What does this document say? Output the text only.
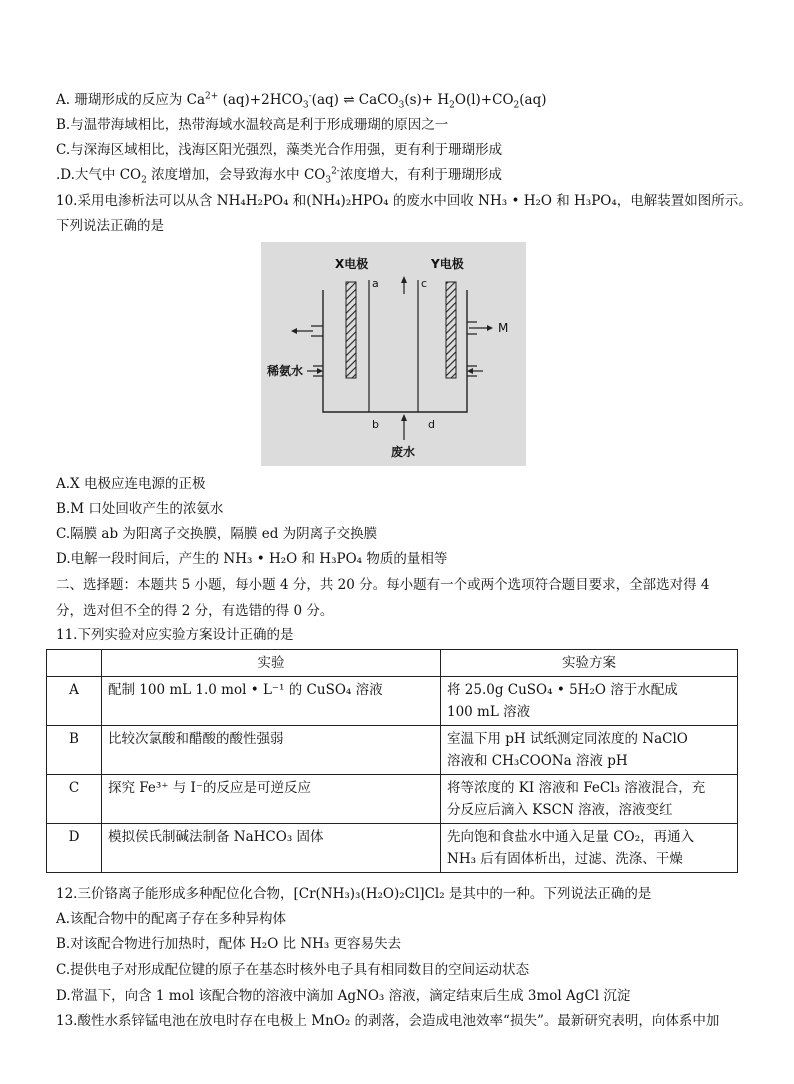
A. 珊瑚形成的反应为 $Ca^{2+}$ $(aq)+2HCO_3^-(aq)$ ⇌ CaCO$_3$(s)+ $H_2O(l)+CO_2(aq)$
B.与温带海域相比，热带海域水温较高是利于形成珊瑚的原因之一
C.与深海区域相比，浅海区阳光强烈，藻类光合作用强，更有利于珊瑚形成
.D.大气中 $CO_2$ 浓度增加，会导致海水中 $CO_3^{2-}$浓度增大，有利于珊瑚形成
10.采用电渗析法可以从含 NH₄H₂PO₄ 和(NH₄)₂HPO₄ 的废水中回收 NH₃ • H₂O 和 H₃PO₄，电解装置如图所示。
下列说法正确的是
X电极	Y电极
a	c
b	d
M
稀氨水
废水
A.X 电极应连电源的正极
B.M 口处回收产生的浓氨水
C.隔膜 ab 为阳离子交换膜，隔膜 ed 为阴离子交换膜
D.电解一段时间后，产生的 NH₃ • H₂O 和 H₃PO₄ 物质的量相等
二、选择题：本题共 5 小题，每小题 4 分，共 20 分。每小题有一个或两个选项符合题目要求，全部选对得 4
分，选对但不全的得 2 分，有选错的得 0 分。
11.下列实验对应实验方案设计正确的是
	实验	实验方案
A	配制 100 mL 1.0 mol • L⁻¹ 的 CuSO₄ 溶液	将 25.0g CuSO₄ • 5H₂O 溶于水配成
100 mL 溶液

B	比较次氯酸和醋酸的酸性强弱	室温下用 pH 试纸测定同浓度的 NaClO
溶液和 CH₃COONa 溶液 pH

C	探究 Fe³⁺ 与 I⁻的反应是可逆反应	将等浓度的 KI 溶液和 FeCl₃ 溶液混合，充
分反应后滴入 KSCN 溶液，溶液变红

D	模拟侯氏制碱法制备 NaHCO₃ 固体	先向饱和食盐水中通入足量 CO₂，再通入
NH₃ 后有固体析出，过滤、洗涤、干燥
12.三价铬离子能形成多种配位化合物，[Cr(NH₃)₃(H₂O)₂Cl]Cl₂ 是其中的一种。下列说法正确的是
A.该配合物中的配离子存在多种异构体
B.对该配合物进行加热时，配体 H₂O 比 NH₃ 更容易失去
C.提供电子对形成配位键的原子在基态时核外电子具有相同数目的空间运动状态
D.常温下，向含 1 mol 该配合物的溶液中滴加 AgNO₃ 溶液，滴定结束后生成 3mol AgCl 沉淀
13.酸性水系锌锰电池在放电时存在电极上 MnO₂ 的剥落，会造成电池效率“损失”。最新研究表明，向体系中加
